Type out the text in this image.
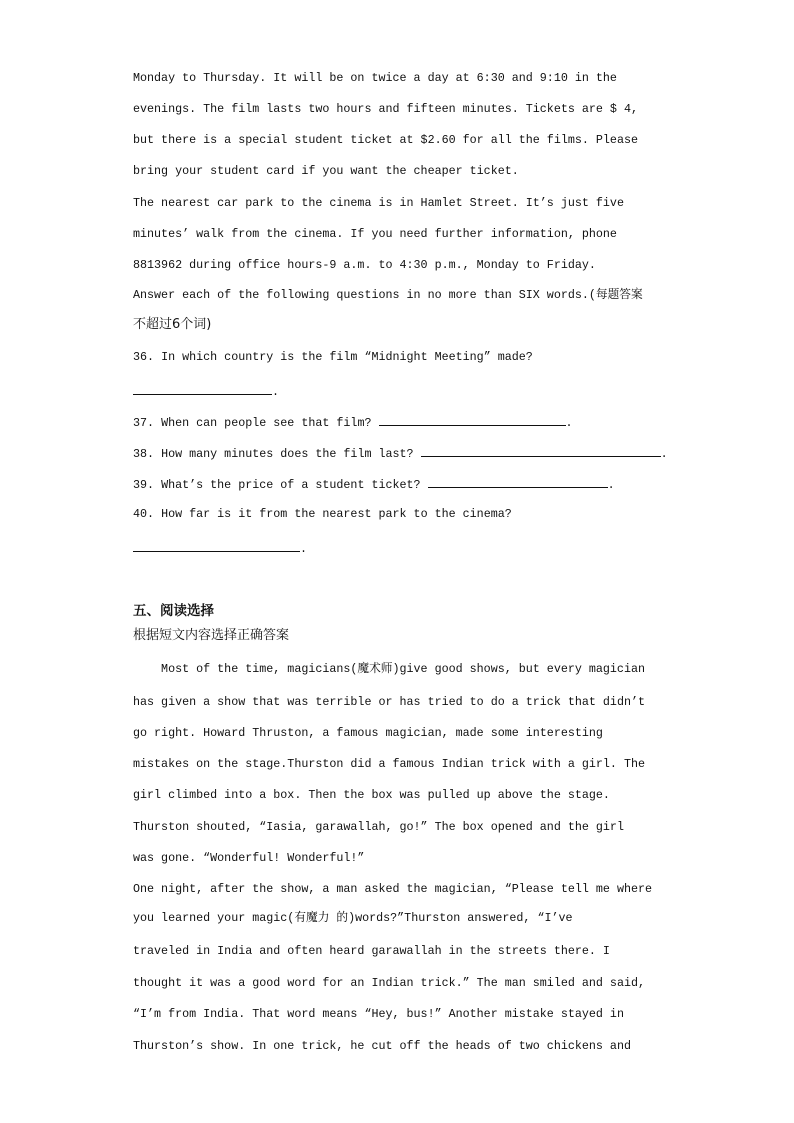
Monday to Thursday. It will be on twice a day at 6:30 and 9:10 in the
evenings. The film lasts two hours and fifteen minutes. Tickets are $ 4,
but there is a special student ticket at $2.60 for all the films. Please
bring your student card if you want the cheaper ticket.
The nearest car park to the cinema is in Hamlet Street. It’s just five
minutes’ walk from the cinema. If you need further information, phone
8813962 during office hours-9 a.m. to 4:30 p.m., Monday to Friday.
Answer each of the following questions in no more than SIX words.(每题答案
不超过6个词)
36. In which country is the film “Midnight Meeting” made?
.
37. When can people see that film?	.
38. How many minutes does the film last?	.
39. What’s the price of a student ticket?	.
40. How far is it from the nearest park to the cinema?
.
五、阅读选择
根据短文内容选择正确答案
Most of the time, magicians(魔术师)give good shows, but every magician
has given a show that was terrible or has tried to do a trick that didn’t
go right. Howard Thruston, a famous magician, made some interesting
mistakes on the stage.Thurston did a famous Indian trick with a girl. The
girl climbed into a box. Then the box was pulled up above the stage.
Thurston shouted, “Iasia, garawallah, go!” The box opened and the girl
was gone. “Wonderful! Wonderful!”
One night, after the show, a man asked the magician, “Please tell me where
you learned your magic(有魔力 的)words?”Thurston answered, “I’ve
traveled in India and often heard garawallah in the streets there. I
thought it was a good word for an Indian trick.” The man smiled and said,
“I’m from India. That word means “Hey, bus!” Another mistake stayed in
Thurston’s show. In one trick, he cut off the heads of two chickens and
